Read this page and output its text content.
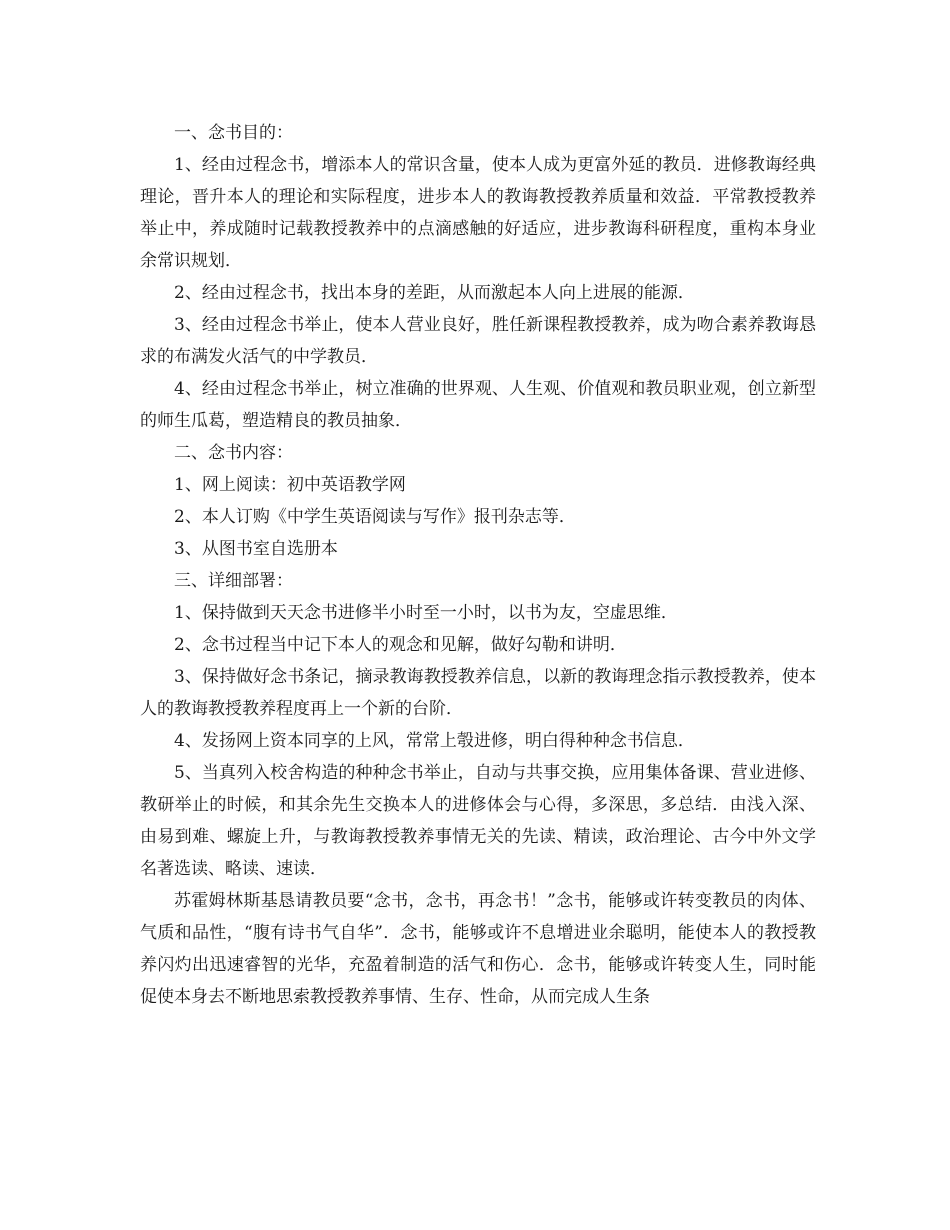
一、念书目的：

1、经由过程念书，增添本人的常识含量，使本人成为更富外延的教员．进修教诲经典理论，晋升本人的理论和实际程度，进步本人的教诲教授教养质量和效益．平常教授教养举止中，养成随时记载教授教养中的点滴感触的好适应，进步教诲科研程度，重构本身业余常识规划．

2、经由过程念书，找出本身的差距，从而激起本人向上进展的能源．

3、经由过程念书举止，使本人营业良好，胜任新课程教授教养，成为吻合素养教诲恳求的布满发火活气的中学教员．

4、经由过程念书举止，树立准确的世界观、人生观、价值观和教员职业观，创立新型的师生瓜葛，塑造精良的教员抽象．

二、念书内容：

1、网上阅读：初中英语教学网

2、本人订购《中学生英语阅读与写作》报刊杂志等．

3、从图书室自选册本

三、详细部署：

1、保持做到天天念书进修半小时至一小时，以书为友，空虚思维．

2、念书过程当中记下本人的观念和见解，做好勾勒和讲明．

3、保持做好念书条记，摘录教诲教授教养信息，以新的教诲理念指示教授教养，使本人的教诲教授教养程度再上一个新的台阶．

4、发扬网上资本同享的上风，常常上彀进修，明白得种种念书信息．

5、当真列入校舍构造的种种念书举止，自动与共事交换，应用集体备课、营业进修、教研举止的时候，和其余先生交换本人的进修体会与心得，多深思，多总结．由浅入深、由易到难、螺旋上升，与教诲教授教养事情无关的先读、精读，政治理论、古今中外文学名著选读、略读、速读．

苏霍姆林斯基恳请教员要“念书，念书，再念书！”念书，能够或许转变教员的肉体、气质和品性，“腹有诗书气自华”．念书，能够或许不息增进业余聪明，能使本人的教授教养闪灼出迅速睿智的光华，充盈着制造的活气和伤心．念书，能够或许转变人生，同时能促使本身去不断地思索教授教养事情、生存、性命，从而完成人生条
